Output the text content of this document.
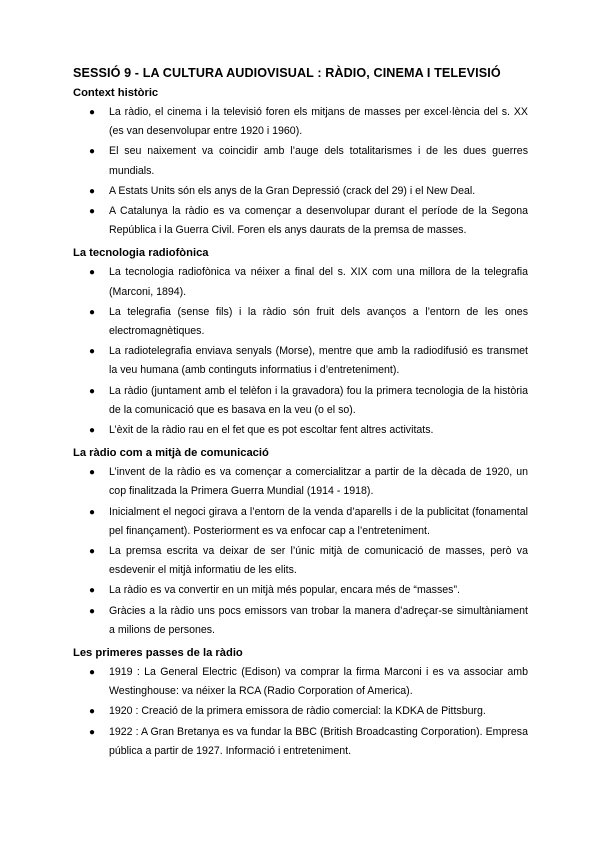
SESSIÓ 9 - LA CULTURA AUDIOVISUAL : RÀDIO, CINEMA I TELEVISIÓ
Context històric
● La ràdio, el cinema i la televisió foren els mitjans de masses per excel·lència del s. XX (es van desenvolupar entre 1920 i 1960).
● El seu naixement va coincidir amb l’auge dels totalitarismes i de les dues guerres mundials.
● A Estats Units són els anys de la Gran Depressió (crack del 29) i el New Deal.
● A Catalunya la ràdio es va començar a desenvolupar durant el període de la Segona República i la Guerra Civil. Foren els anys daurats de la premsa de masses.
La tecnologia radiofònica
● La tecnologia radiofònica va néixer a final del s. XIX com una millora de la telegrafia (Marconi, 1894).
● La telegrafia (sense fils) i la ràdio són fruit dels avanços a l’entorn de les ones electromagnètiques.
● La radiotelegrafia enviava senyals (Morse), mentre que amb la radiodifusió es transmet la veu humana (amb continguts informatius i d’entreteniment).
● La ràdio (juntament amb el telèfon i la gravadora) fou la primera tecnologia de la història de la comunicació que es basava en la veu (o el so).
● L’èxit de la ràdio rau en el fet que es pot escoltar fent altres activitats.
La ràdio com a mitjà de comunicació
● L’invent de la ràdio es va començar a comercialitzar a partir de la dècada de 1920, un cop finalitzada la Primera Guerra Mundial (1914 - 1918).
● Inicialment el negoci girava a l’entorn de la venda d’aparells i de la publicitat (fonamental pel finançament). Posteriorment es va enfocar cap a l’entreteniment.
● La premsa escrita va deixar de ser l’únic mitjà de comunicació de masses, però va esdevenir el mitjà informatiu de les elits.
● La ràdio es va convertir en un mitjà més popular, encara més de “masses”.
● Gràcies a la ràdio uns pocs emissors van trobar la manera d’adreçar-se simultàniament a milions de persones.
Les primeres passes de la ràdio
● 1919 : La General Electric (Edison) va comprar la firma Marconi i es va associar amb Westinghouse: va néixer la RCA (Radio Corporation of America).
● 1920 : Creació de la primera emissora de ràdio comercial: la KDKA de Pittsburg.
● 1922 : A Gran Bretanya es va fundar la BBC (British Broadcasting Corporation). Empresa pública a partir de 1927. Informació i entreteniment.
